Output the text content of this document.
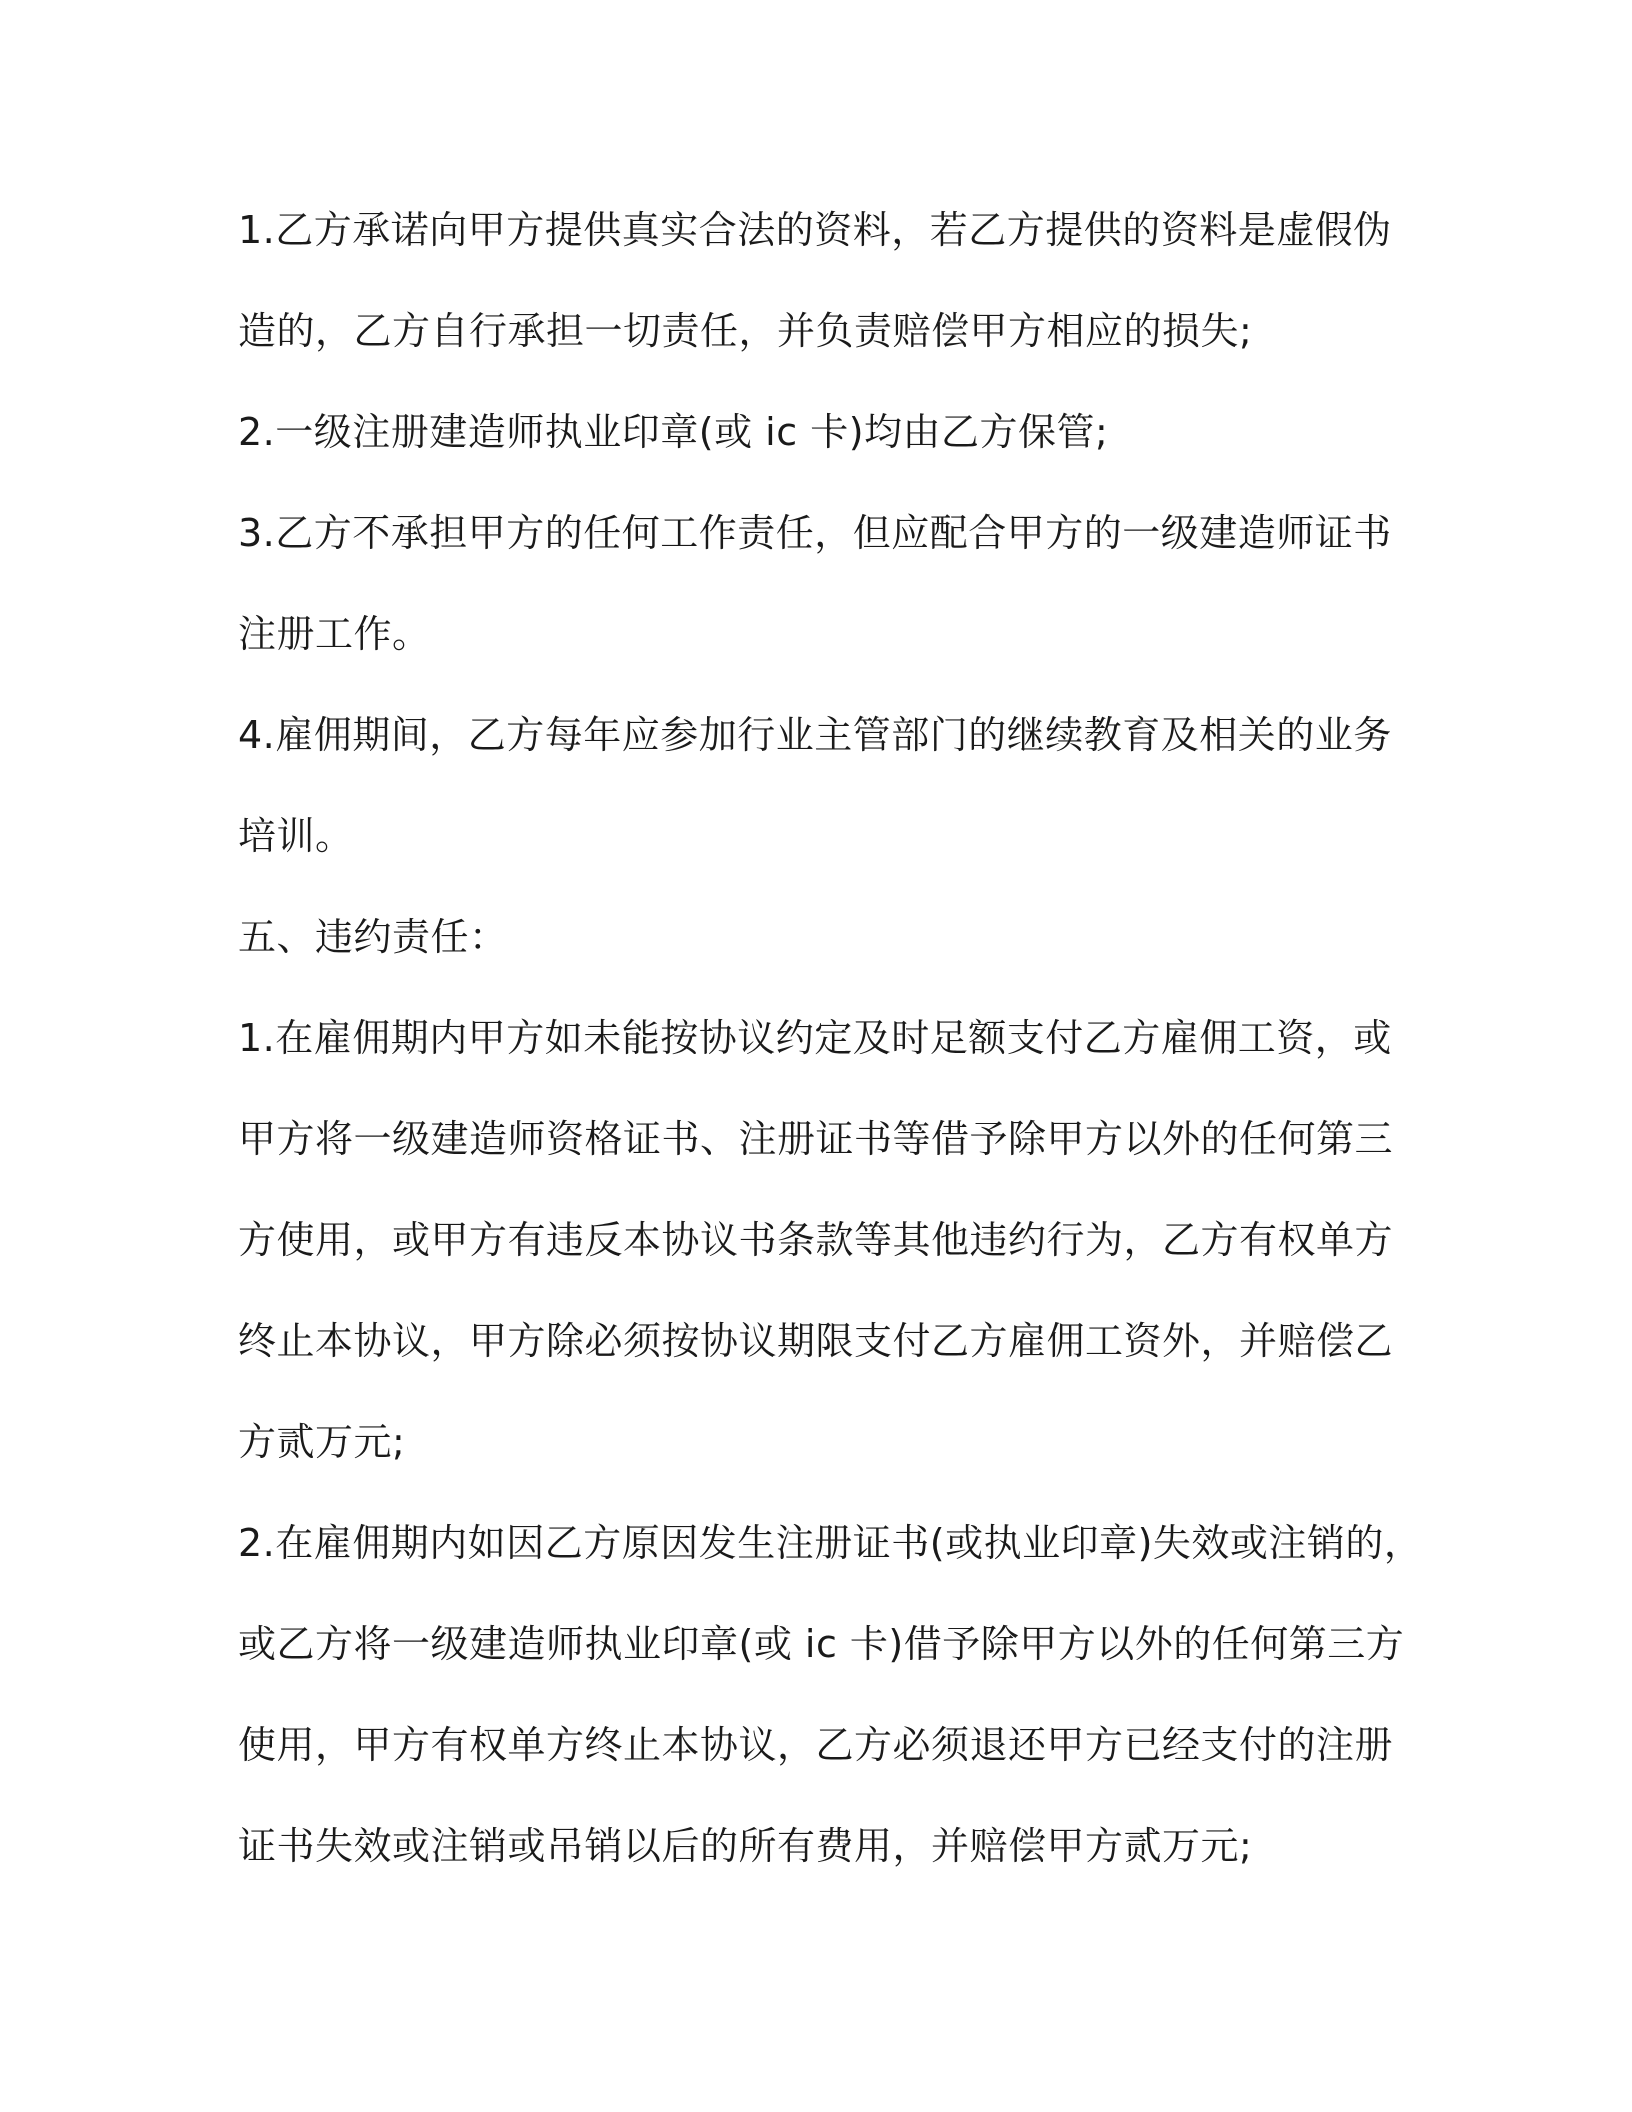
1.乙方承诺向甲方提供真实合法的资料，若乙方提供的资料是虚假伪
造的，乙方自行承担一切责任，并负责赔偿甲方相应的损失;
2.一级注册建造师执业印章(或 ic 卡)均由乙方保管;
3.乙方不承担甲方的任何工作责任，但应配合甲方的一级建造师证书
注册工作。
4.雇佣期间，乙方每年应参加行业主管部门的继续教育及相关的业务
培训。
五、违约责任：
1.在雇佣期内甲方如未能按协议约定及时足额支付乙方雇佣工资，或
甲方将一级建造师资格证书、注册证书等借予除甲方以外的任何第三
方使用，或甲方有违反本协议书条款等其他违约行为，乙方有权单方
终止本协议，甲方除必须按协议期限支付乙方雇佣工资外，并赔偿乙
方贰万元;
2.在雇佣期内如因乙方原因发生注册证书(或执业印章)失效或注销的，
或乙方将一级建造师执业印章(或 ic 卡)借予除甲方以外的任何第三方
使用，甲方有权单方终止本协议，乙方必须退还甲方已经支付的注册
证书失效或注销或吊销以后的所有费用，并赔偿甲方贰万元;
